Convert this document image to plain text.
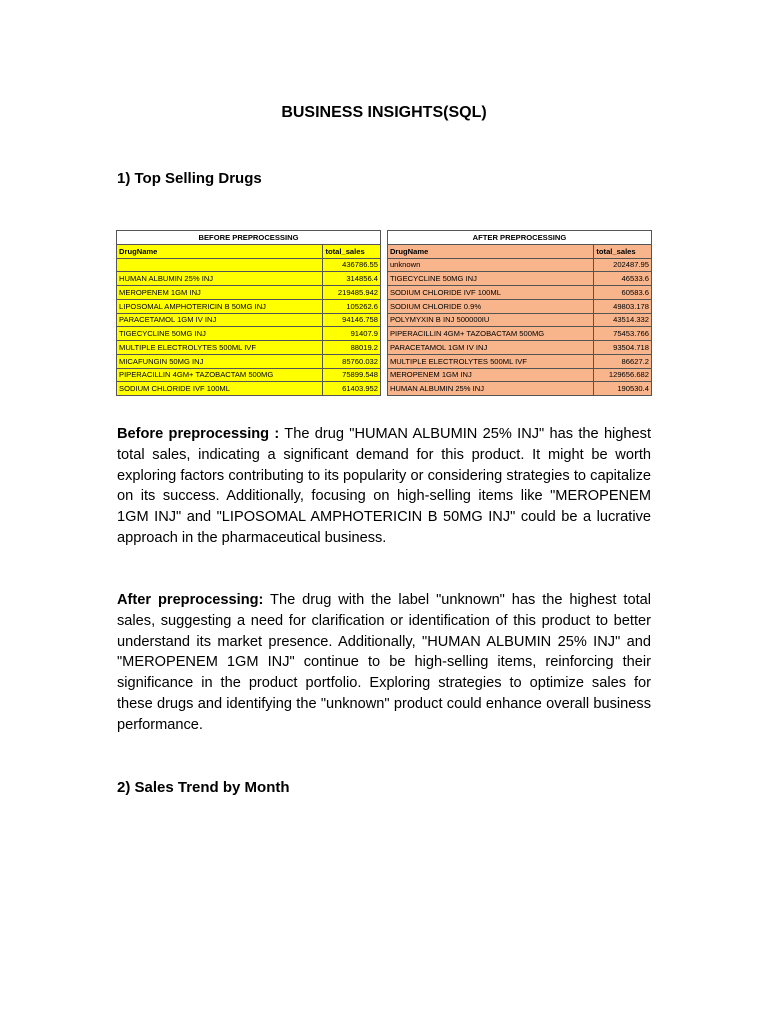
BUSINESS INSIGHTS(SQL)
1) Top Selling Drugs
BEFORE PREPROCESSING			AFTER PREPROCESSING	
DrugName	total_sales		DrugName	total_sales
	436786.55		unknown	202487.95
HUMAN ALBUMIN 25% INJ	314856.4		TIGECYCLINE 50MG INJ	46533.6
MEROPENEM 1GM INJ	219485.942		SODIUM CHLORIDE IVF 100ML	60583.6
LIPOSOMAL AMPHOTERICIN B 50MG INJ	105262.6		SODIUM CHLORIDE 0.9%	49803.178
PARACETAMOL 1GM IV INJ	94146.758		POLYMYXIN B INJ 500000IU	43514.332
TIGECYCLINE 50MG INJ	91407.9		PIPERACILLIN 4GM+ TAZOBACTAM 500MG	75453.766
MULTIPLE ELECTROLYTES 500ML IVF	88019.2		PARACETAMOL 1GM IV INJ	93504.718
MICAFUNGIN 50MG INJ	85760.032		MULTIPLE ELECTROLYTES 500ML IVF	86627.2
PIPERACILLIN 4GM+ TAZOBACTAM 500MG	75899.548		MEROPENEM 1GM INJ	129656.682
SODIUM CHLORIDE IVF 100ML	61403.952		HUMAN ALBUMIN 25% INJ	190530.4
Before preprocessing : The drug "HUMAN ALBUMIN 25% INJ" has the highest total sales, indicating a significant demand for this product. It might be worth exploring factors contributing to its popularity or considering strategies to capitalize on its success. Additionally, focusing on high-selling items like "MEROPENEM 1GM INJ" and "LIPOSOMAL AMPHOTERICIN B 50MG INJ" could be a lucrative approach in the pharmaceutical business.
After preprocessing: The drug with the label "unknown" has the highest total sales, suggesting a need for clarification or identification of this product to better understand its market presence. Additionally, "HUMAN ALBUMIN 25% INJ" and "MEROPENEM 1GM INJ" continue to be high-selling items, reinforcing their significance in the product portfolio. Exploring strategies to optimize sales for these drugs and identifying the "unknown" product could enhance overall business performance.
2) Sales Trend by Month
